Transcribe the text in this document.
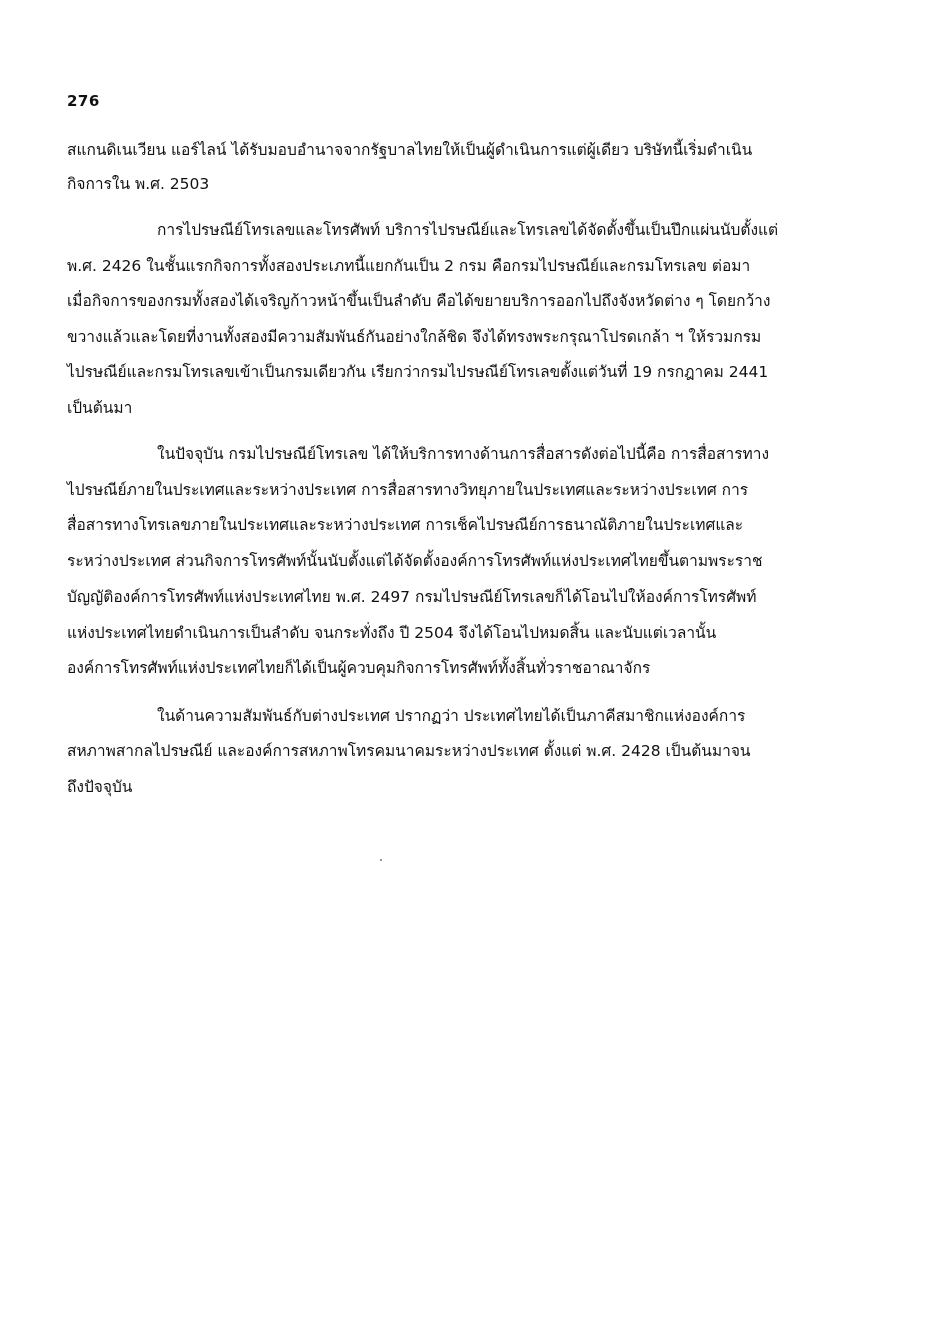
276
สแกนดิเนเวียน แอร์ไลน์ ได้รับมอบอำนาจจากรัฐบาลไทยให้เป็นผู้ดำเนินการแต่ผู้เดียว บริษัทนี้เริ่มดำเนิน
กิจการใน พ.ศ. 2503
การไปรษณีย์โทรเลขและโทรศัพท์ บริการไปรษณีย์และโทรเลขได้จัดตั้งขึ้นเป็นปึกแผ่นนับตั้งแต่
พ.ศ. 2426 ในชั้นแรกกิจการทั้งสองประเภทนี้แยกกันเป็น 2 กรม คือกรมไปรษณีย์และกรมโทรเลข ต่อมา
เมื่อกิจการของกรมทั้งสองได้เจริญก้าวหน้าขึ้นเป็นลำดับ คือได้ขยายบริการออกไปถึงจังหวัดต่าง ๆ โดยกว้าง
ขวางแล้วและโดยที่งานทั้งสองมีความสัมพันธ์กันอย่างใกล้ชิด จึงได้ทรงพระกรุณาโปรดเกล้า ฯ ให้รวมกรม
ไปรษณีย์และกรมโทรเลขเข้าเป็นกรมเดียวกัน เรียกว่ากรมไปรษณีย์โทรเลขตั้งแต่วันที่ 19 กรกฎาคม 2441
เป็นต้นมา
ในปัจจุบัน กรมไปรษณีย์โทรเลข ได้ให้บริการทางด้านการสื่อสารดังต่อไปนี้คือ การสื่อสารทาง
ไปรษณีย์ภายในประเทศและระหว่างประเทศ การสื่อสารทางวิทยุภายในประเทศและระหว่างประเทศ การ
สื่อสารทางโทรเลขภายในประเทศและระหว่างประเทศ การเช็คไปรษณีย์การธนาณัติภายในประเทศและ
ระหว่างประเทศ ส่วนกิจการโทรศัพท์นั้นนับตั้งแต่ได้จัดตั้งองค์การโทรศัพท์แห่งประเทศไทยขึ้นตามพระราช
บัญญัติองค์การโทรศัพท์แห่งประเทศไทย พ.ศ. 2497 กรมไปรษณีย์โทรเลขก็ได้โอนไปให้องค์การโทรศัพท์
แห่งประเทศไทยดำเนินการเป็นลำดับ จนกระทั่งถึง ปี 2504 จึงได้โอนไปหมดสิ้น และนับแต่เวลานั้น
องค์การโทรศัพท์แห่งประเทศไทยก็ได้เป็นผู้ควบคุมกิจการโทรศัพท์ทั้งสิ้นทั่วราชอาณาจักร
ในด้านความสัมพันธ์กับต่างประเทศ ปรากฏว่า ประเทศไทยได้เป็นภาคีสมาชิกแห่งองค์การ
สหภาพสากลไปรษณีย์ และองค์การสหภาพโทรคมนาคมระหว่างประเทศ ตั้งแต่ พ.ศ. 2428 เป็นต้นมาจน
ถึงปัจจุบัน
